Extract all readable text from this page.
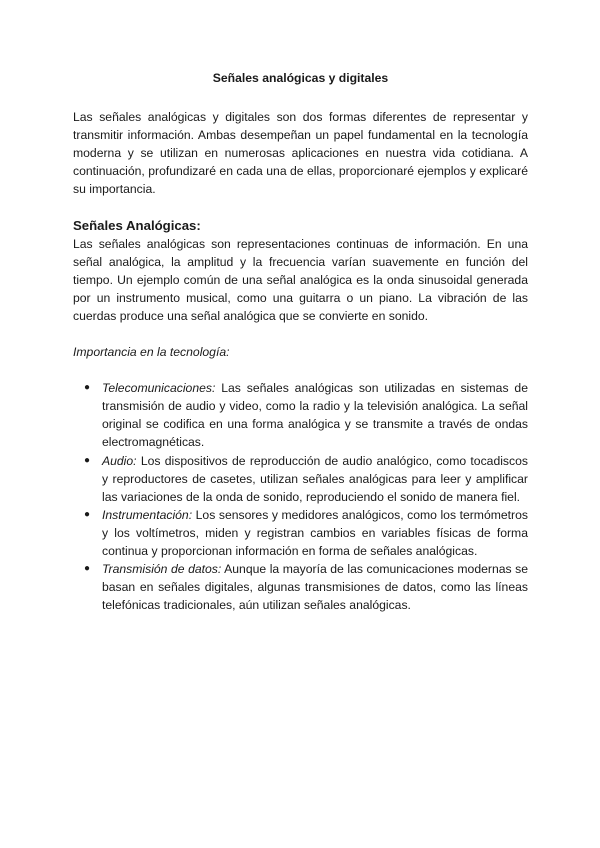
Señales analógicas y digitales

Las señales analógicas y digitales son dos formas diferentes de representar y transmitir información. Ambas desempeñan un papel fundamental en la tecnología moderna y se utilizan en numerosas aplicaciones en nuestra vida cotidiana. A continuación, profundizaré en cada una de ellas, proporcionaré ejemplos y explicaré su importancia.

Señales Analógicas:

Las señales analógicas son representaciones continuas de información. En una señal analógica, la amplitud y la frecuencia varían suavemente en función del tiempo. Un ejemplo común de una señal analógica es la onda sinusoidal generada por un instrumento musical, como una guitarra o un piano. La vibración de las cuerdas produce una señal analógica que se convierte en sonido.

Importancia en la tecnología:

● Telecomunicaciones: Las señales analógicas son utilizadas en sistemas de transmisión de audio y video, como la radio y la televisión analógica. La señal original se codifica en una forma analógica y se transmite a través de ondas electromagnéticas.
● Audio: Los dispositivos de reproducción de audio analógico, como tocadiscos y reproductores de casetes, utilizan señales analógicas para leer y amplificar las variaciones de la onda de sonido, reproduciendo el sonido de manera fiel.
● Instrumentación: Los sensores y medidores analógicos, como los termómetros y los voltímetros, miden y registran cambios en variables físicas de forma continua y proporcionan información en forma de señales analógicas.
● Transmisión de datos: Aunque la mayoría de las comunicaciones modernas se basan en señales digitales, algunas transmisiones de datos, como las líneas telefónicas tradicionales, aún utilizan señales analógicas.
